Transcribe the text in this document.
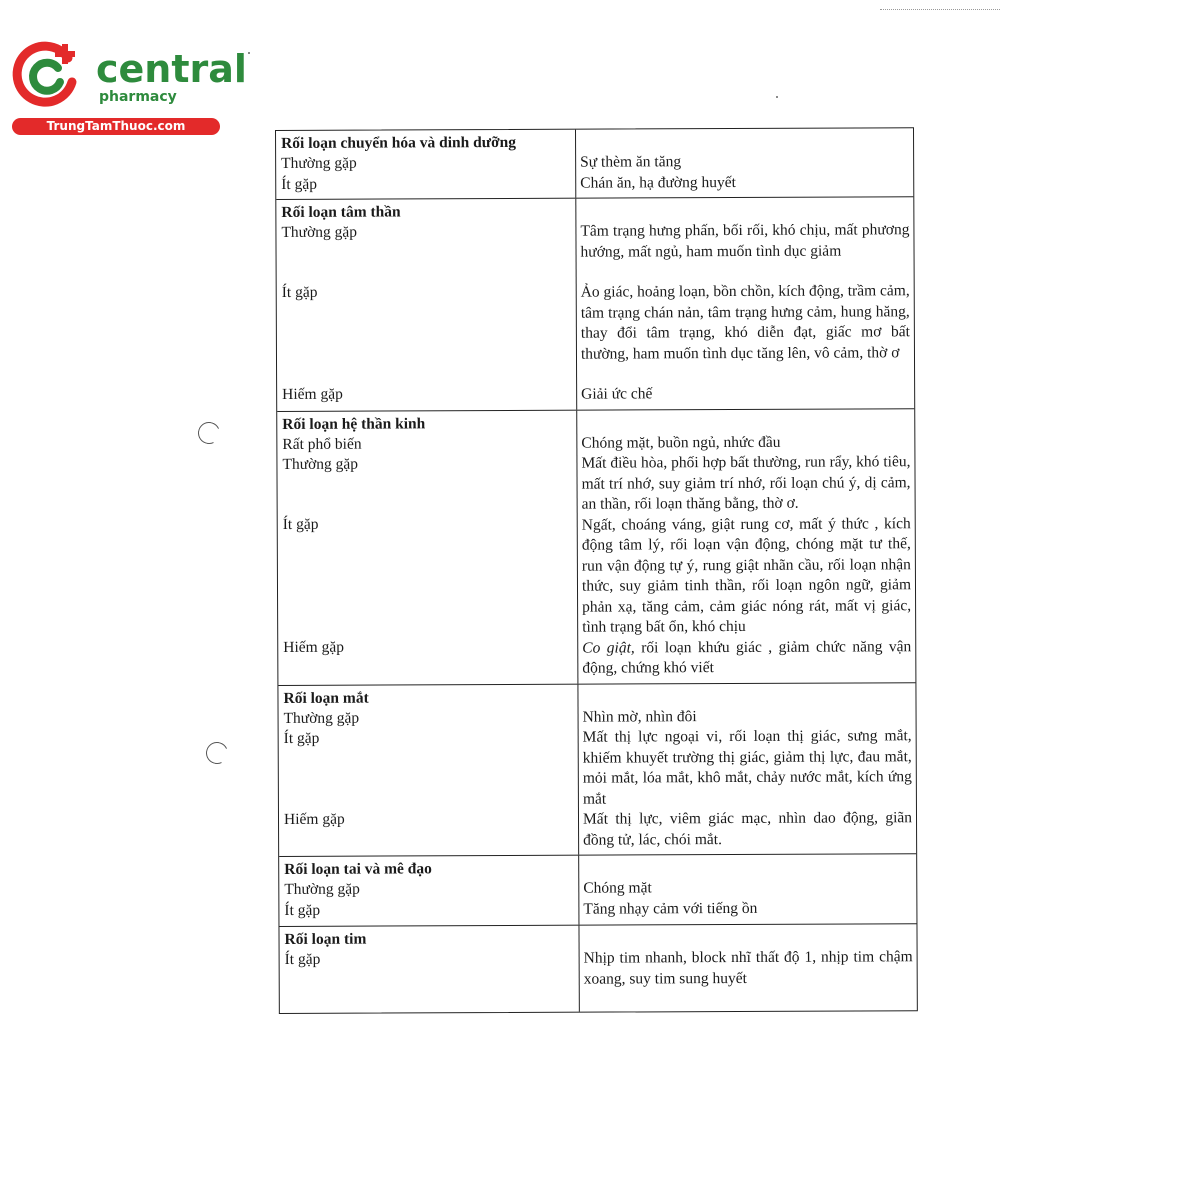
central
pharmacy
TrungTamThuoc.com
Rối loạn chuyển hóa và dinh dưỡng
Thường gặp
Ít gặp
Sự thèm ăn tăng
Chán ăn, hạ đường huyết
Rối loạn tâm thần
Thường gặp
Ít gặp
Hiếm gặp
Tâm trạng hưng phấn, bối rối, khó chịu, mất phương hướng, mất ngủ, ham muốn tình dục giảm
Ảo giác, hoảng loạn, bồn chồn, kích động, trầm cảm, tâm trạng chán nản, tâm trạng hưng cảm, hung hăng, thay đổi tâm trạng, khó diễn đạt, giấc mơ bất thường, ham muốn tình dục tăng lên, vô cảm, thờ ơ
Giải ức chế
Rối loạn hệ thần kinh
Rất phổ biến
Thường gặp
Ít gặp
Hiếm gặp
Chóng mặt, buồn ngủ, nhức đầu
Mất điều hòa, phối hợp bất thường, run rẩy, khó tiêu, mất trí nhớ, suy giảm trí nhớ, rối loạn chú ý, dị cảm, an thần, rối loạn thăng bằng, thờ ơ.
Ngất, choáng váng, giật rung cơ, mất ý thức , kích động tâm lý, rối loạn vận động, chóng mặt tư thế, run vận động tự ý, rung giật nhãn cầu, rối loạn nhận thức, suy giảm tinh thần, rối loạn ngôn ngữ, giảm phản xạ, tăng cảm, cảm giác nóng rát, mất vị giác, tình trạng bất ổn, khó chịu
Co giật, rối loạn khứu giác , giảm chức năng vận động, chứng khó viết
Rối loạn mắt
Thường gặp
Ít gặp
Hiếm gặp
Nhìn mờ, nhìn đôi
Mất thị lực ngoại vi, rối loạn thị giác, sưng mắt, khiếm khuyết trường thị giác, giảm thị lực, đau mắt, mỏi mắt, lóa mắt, khô mắt, chảy nước mắt, kích ứng mắt
Mất thị lực, viêm giác mạc, nhìn dao động, giãn đồng tử, lác, chói mắt.
Rối loạn tai và mê đạo
Thường gặp
Ít gặp
Chóng mặt
Tăng nhạy cảm với tiếng ồn
Rối loạn tim
Ít gặp	Nhịp tim nhanh, block nhĩ thất độ 1, nhịp tim chậm xoang, suy tim sung huyết
